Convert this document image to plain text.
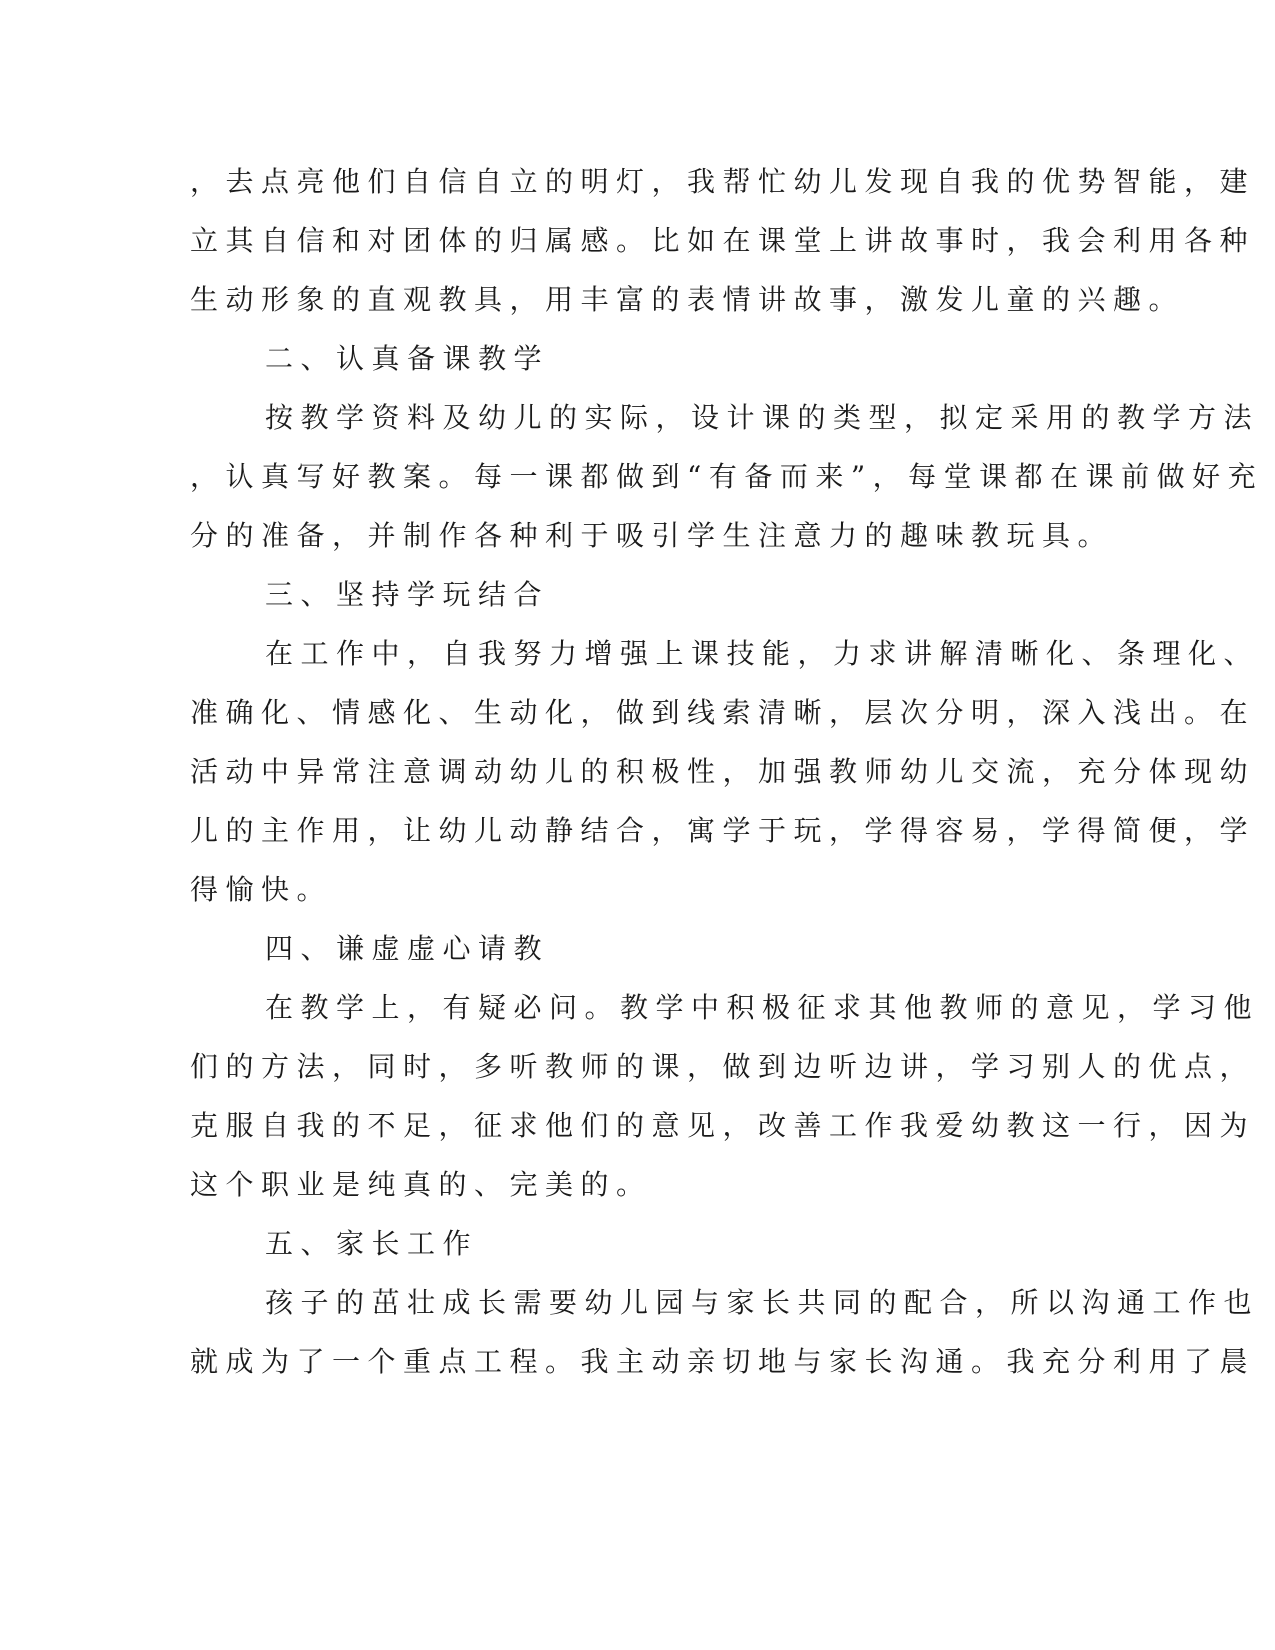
，去点亮他们自信自立的明灯，我帮忙幼儿发现自我的优势智能，建
立其自信和对团体的归属感。比如在课堂上讲故事时，我会利用各种
生动形象的直观教具，用丰富的表情讲故事，激发儿童的兴趣。
二、认真备课教学
按教学资料及幼儿的实际，设计课的类型，拟定采用的教学方法
，认真写好教案。每一课都做到“有备而来”，每堂课都在课前做好充
分的准备，并制作各种利于吸引学生注意力的趣味教玩具。
三、坚持学玩结合
在工作中，自我努力增强上课技能，力求讲解清晰化、条理化、
准确化、情感化、生动化，做到线索清晰，层次分明，深入浅出。在
活动中异常注意调动幼儿的积极性，加强教师幼儿交流，充分体现幼
儿的主作用，让幼儿动静结合，寓学于玩，学得容易，学得简便，学
得愉快。
四、谦虚虚心请教
在教学上，有疑必问。教学中积极征求其他教师的意见，学习他
们的方法，同时，多听教师的课，做到边听边讲，学习别人的优点，
克服自我的不足，征求他们的意见，改善工作我爱幼教这一行，因为
这个职业是纯真的、完美的。
五、家长工作
孩子的茁壮成长需要幼儿园与家长共同的配合，所以沟通工作也
就成为了一个重点工程。我主动亲切地与家长沟通。我充分利用了晨
